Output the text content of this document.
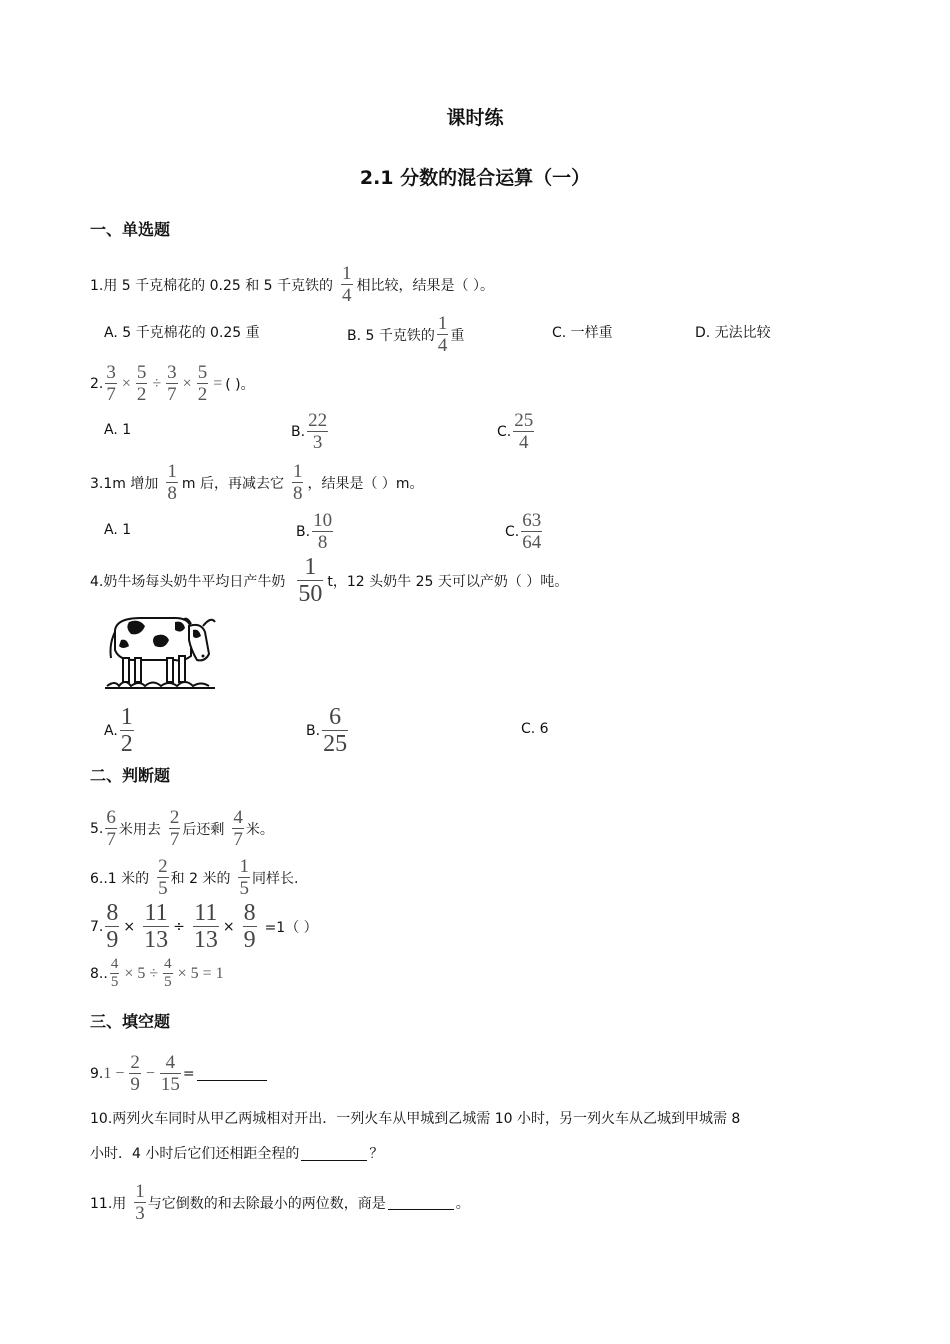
课时练
2.1 分数的混合运算（一）
一、单选题
1.用 5 千克棉花的 0.25 和 5 千克铁的 $\frac{1}{4}$ 相比较，结果是（ ）。
A. 5 千克棉花的 0.25 重	B. 5 千克铁的 $\frac{1}{4}$ 重	C. 一样重	D. 无法比较
2. $\frac{3}{7} \times \frac{5}{2} \div \frac{3}{7} \times \frac{5}{2}$ = ( )。
A. 1	B. $\frac{22}{3}$	C. $\frac{25}{4}$
3.1m 增加 $\frac{1}{8}$ m 后，再减去它 $\frac{1}{8}$ ，结果是（ ）m。
A. 1	B. $\frac{10}{8}$	C. $\frac{63}{64}$
4.奶牛场每头奶牛平均日产牛奶 $\frac{1}{50}$ t，12 头奶牛 25 天可以产奶（ ）吨。
A. $\frac{1}{2}$	B. $\frac{6}{25}$	C. 6
二、判断题
5. $\frac{6}{7}$ 米用去 $\frac{2}{7}$ 后还剩 $\frac{4}{7}$ 米。
6..1 米的 $\frac{2}{5}$ 和 2 米的 $\frac{1}{5}$ 同样长.
7. $\frac{8}{9} \times \frac{11}{13} \div \frac{11}{13} \times \frac{8}{9} =1$（ ）
8.. $\frac{4}{5} \times 5 \div \frac{4}{5} \times 5 = 1$
三、填空题
9. $1 - \frac{2}{9} - \frac{4}{15}$ =
10.两列火车同时从甲乙两城相对开出．一列火车从甲城到乙城需 10 小时，另一列火车从乙城到甲城需 8
小时．4 小时后它们还相距全程的	？
11.用 $\frac{1}{3}$ 与它倒数的和去除最小的两位数，商是	。
